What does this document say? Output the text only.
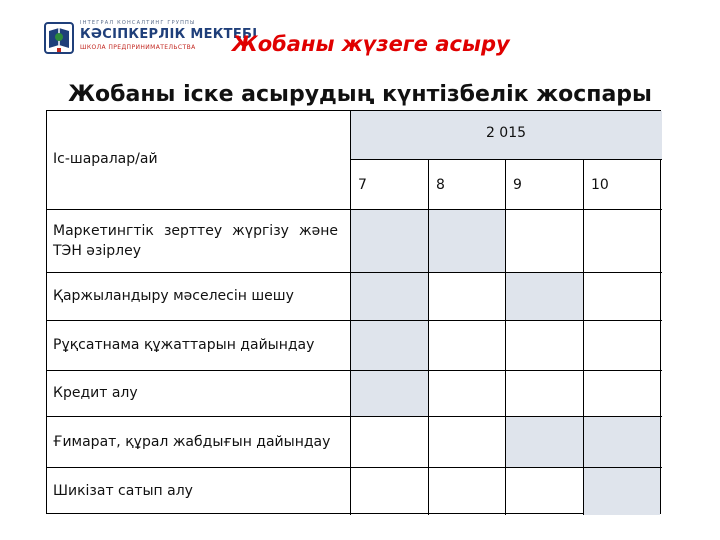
ІНТЕГРАЛ КОНСАЛТИНГ ГРУППЫ
КӘСІПКЕРЛІК МЕКТЕБІ
ШКОЛА ПРЕДПРИНИМАТЕЛЬСТВА Жобаны жүзеге асыру
Жобаны іске асырудың күнтізбелік жоспары
Іс-шаралар/ай
2 015
7	8	9	10
Маркетингтік зерттеу жүргізу және ТЭН әзірлеу
Қаржыландыру мәселесін шешу
Рұқсатнама құжаттарын дайындау
Кредит алу
Ғимарат, құрал жабдығын дайындау
Шикізат сатып алу
